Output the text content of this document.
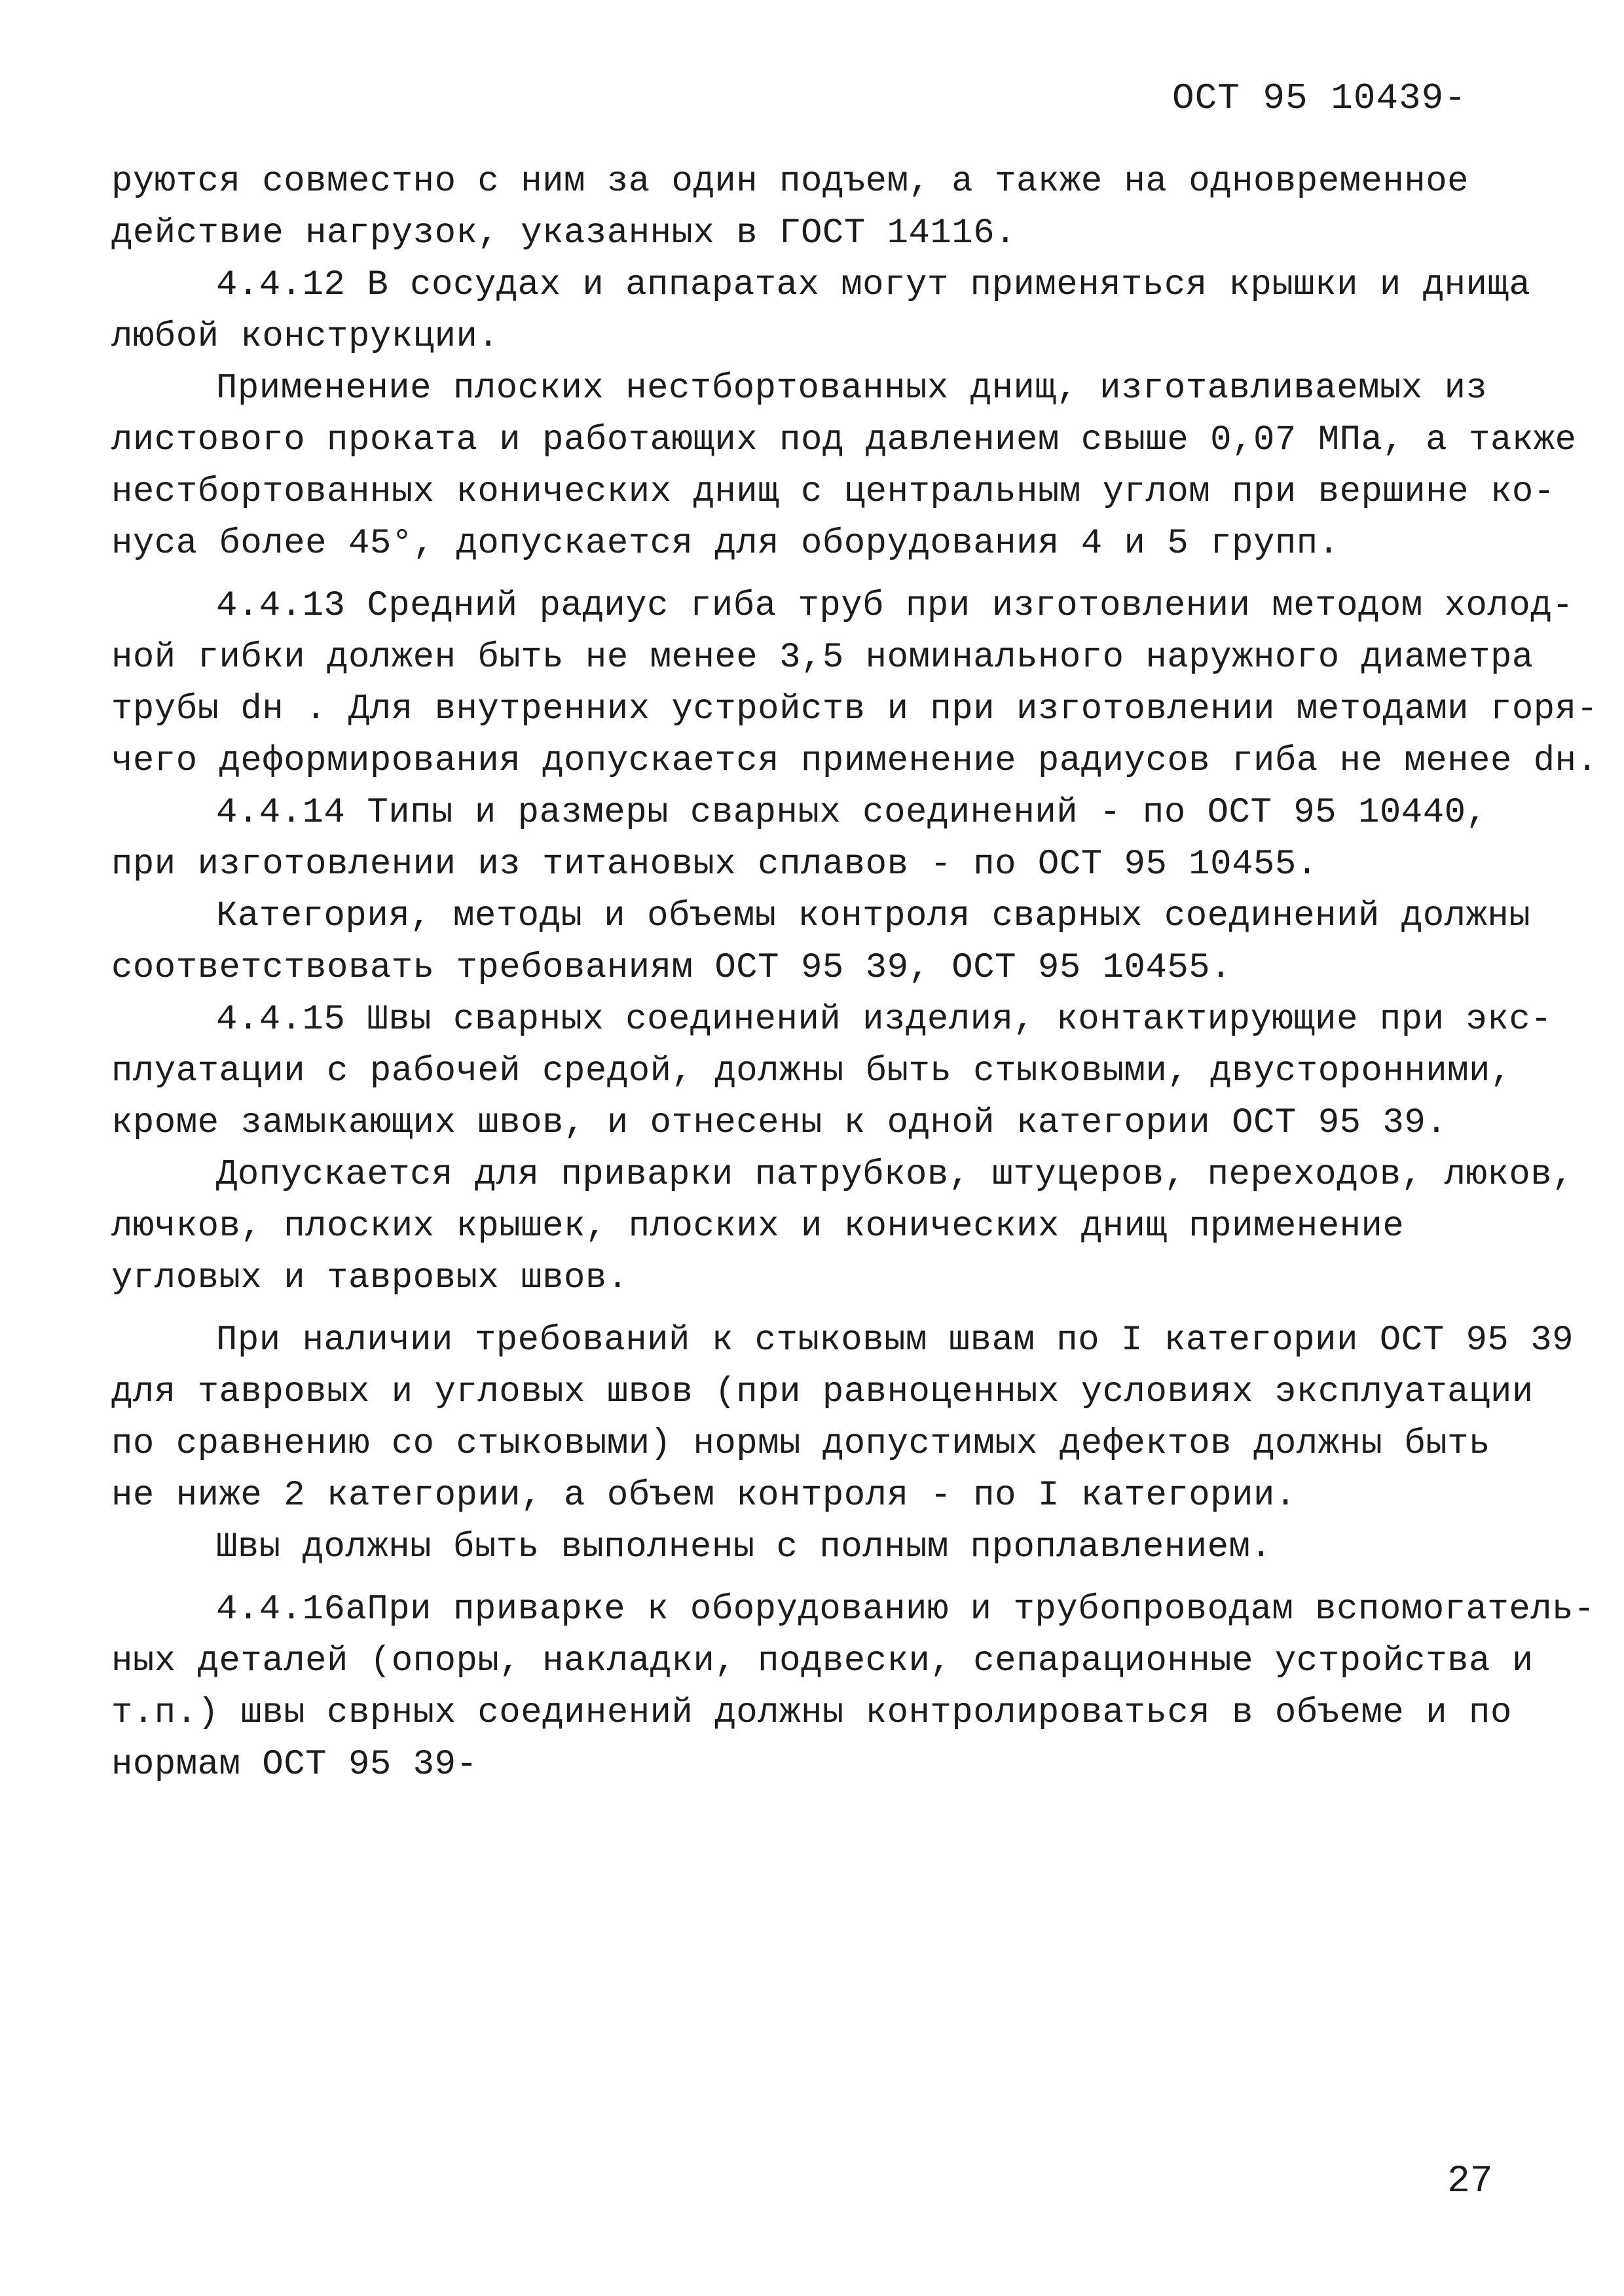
ОСТ 95 10439-
руются совместно с ним за один подъем, а также на одновременное
действие нагрузок, указанных в ГОСТ 14116.
4.4.12 В сосудах и аппаратах могут применяться крышки и днища
любой конструкции.
Применение плоских нестбортованных днищ, изготавливаемых из
листового проката и работающих под давлением свыше 0,07 МПа, а также
нестбортованных конических днищ с центральным углом при вершине ко-
нуса более 45°, допускается для оборудования 4 и 5 групп.
4.4.13 Средний радиус гиба труб при изготовлении методом холод-
ной гибки должен быть не менее 3,5 номинального наружного диаметра
трубы dн . Для внутренних устройств и при изготовлении методами горя-
чего деформирования допускается применение радиусов гиба не менее dн.
4.4.14 Типы и размеры сварных соединений - по ОСТ 95 10440,
при изготовлении из титановых сплавов - по ОСТ 95 10455.
Категория, методы и объемы контроля сварных соединений должны
соответствовать требованиям ОСТ 95 39, ОСТ 95 10455.
4.4.15 Швы сварных соединений изделия, контактирующие при экс-
плуатации с рабочей средой, должны быть стыковыми, двусторонними,
кроме замыкающих швов, и отнесены к одной категории ОСТ 95 39.
Допускается для приварки патрубков, штуцеров, переходов, люков,
лючков, плоских крышек, плоских и конических днищ применение
угловых и тавровых швов.
При наличии требований к стыковым швам по I категории ОСТ 95 39
для тавровых и угловых швов (при равноценных условиях эксплуатации
по сравнению со стыковыми) нормы допустимых дефектов должны быть
не ниже 2 категории, а объем контроля - по I категории.
Швы должны быть выполнены с полным проплавлением.
4.4.16аПри приварке к оборудованию и трубопроводам вспомогатель-
ных деталей (опоры, накладки, подвески, сепарационные устройства и
т.п.) швы сврных соединений должны контролироваться в объеме и по
нормам ОСТ 95 39-
27
